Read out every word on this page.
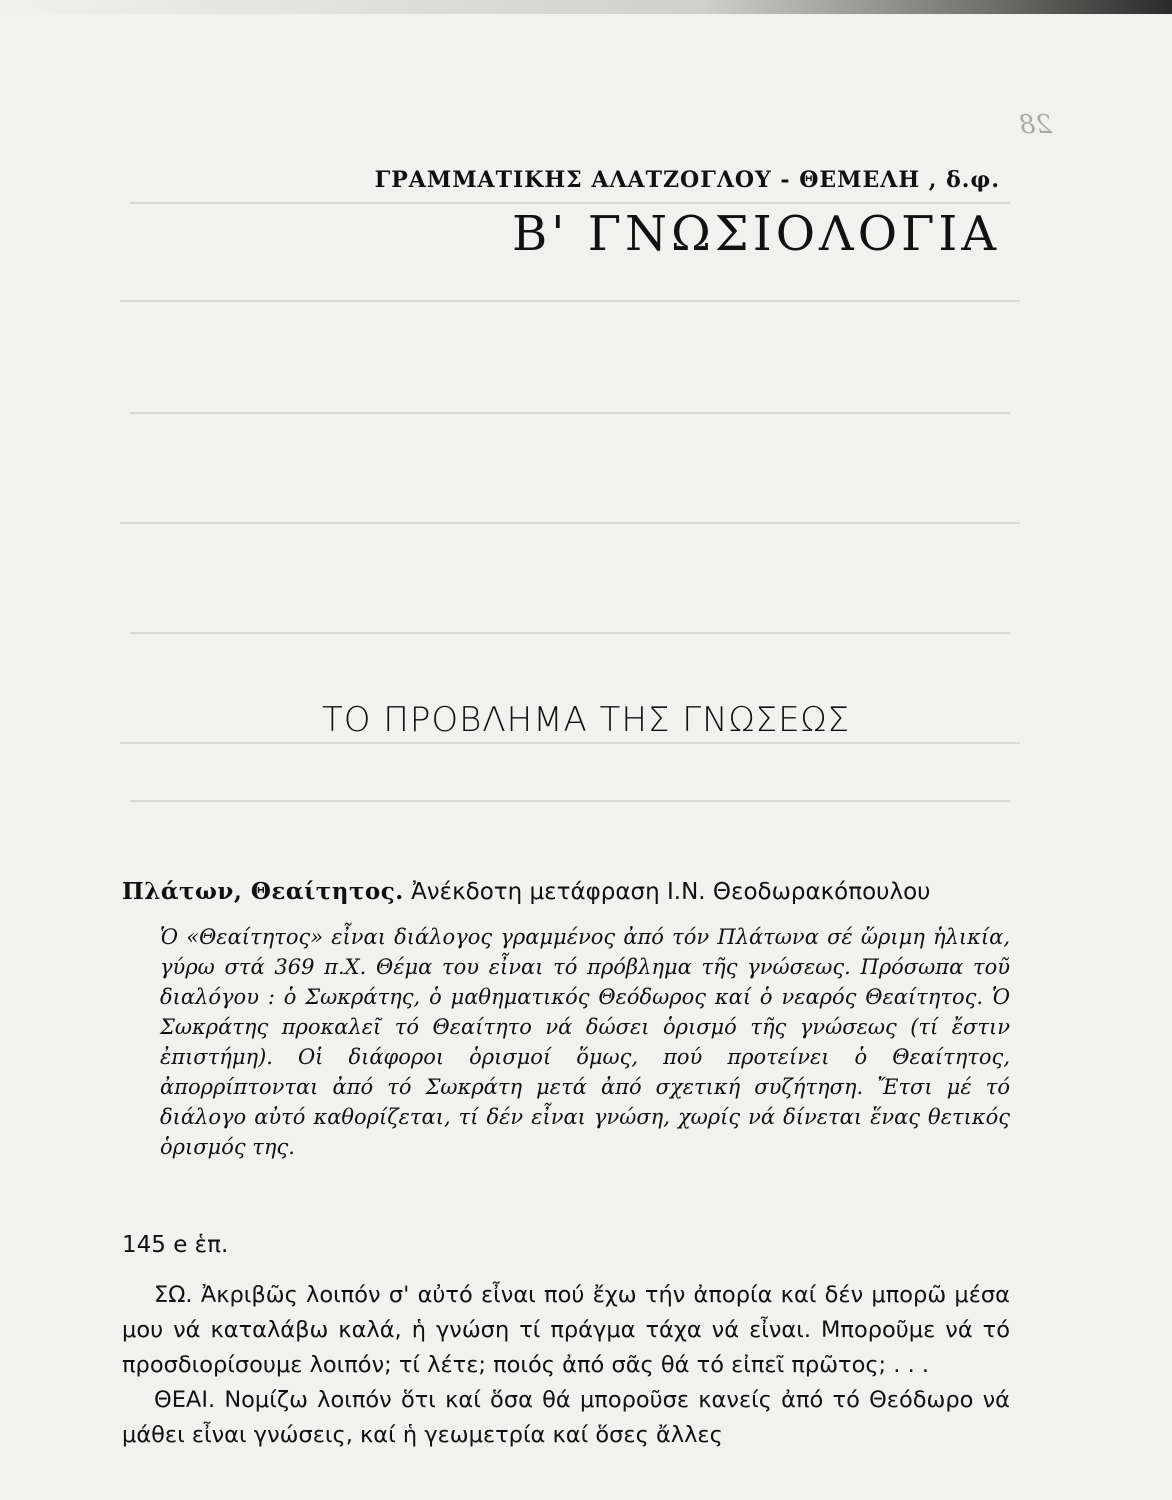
28
ΓΡΑΜΜΑΤΙΚΗΣ ΑΛΑΤΖΟΓΛΟΥ - ΘΕΜΕΛΗ , δ.φ.
Β' ΓΝΩΣΙΟΛΟΓΙΑ
ΤΟ ΠΡΟΒΛΗΜΑ ΤΗΣ ΓΝΩΣΕΩΣ
Πλάτων, Θεαίτητος. Ἀνέκδοτη μετάφραση Ι.Ν. Θεοδωρακόπουλου

Ὁ «Θεαίτητος» εἶναι διάλογος γραμμένος ἀπό τόν Πλάτωνα σέ ὥριμη ἡλικία, γύρω στά 369 π.Χ. Θέμα του εἶναι τό πρόβλημα τῆς γνώσεως. Πρόσωπα τοῦ διαλόγου : ὁ Σωκράτης, ὁ μαθηματικός Θεόδωρος καί ὁ νεαρός Θεαίτητος. Ὁ Σωκράτης προκαλεῖ τό Θεαίτητο νά δώσει ὁρισμό τῆς γνώσεως (τί ἔστιν ἐπιστήμη). Οἱ διάφοροι ὁρισμοί ὅμως, πού προτείνει ὁ Θεαίτητος, ἀπορρίπτονται ἀπό τό Σωκράτη μετά ἀπό σχετική συζήτηση. Ἔτσι μέ τό διάλογο αὐτό καθορίζεται, τί δέν εἶναι γνώση, χωρίς νά δίνεται ἕνας θετικός ὁρισμός της.

145 e ἑπ.

ΣΩ. Ἀκριβῶς λοιπόν σ' αὐτό εἶναι πού ἔχω τήν ἀπορία καί δέν μπορῶ μέσα μου νά καταλάβω καλά, ἡ γνώση τί πράγμα τάχα νά εἶναι. Μποροῦμε νά τό προσδιορίσουμε λοιπόν; τί λέτε; ποιός ἀπό σᾶς θά τό εἰπεῖ πρῶτος; . . .

ΘΕΑΙ. Νομίζω λοιπόν ὅτι καί ὅσα θά μποροῦσε κανείς ἀπό τό Θεόδωρο νά μάθει εἶναι γνώσεις, καί ἡ γεωμετρία καί ὅσες ἄλλες
